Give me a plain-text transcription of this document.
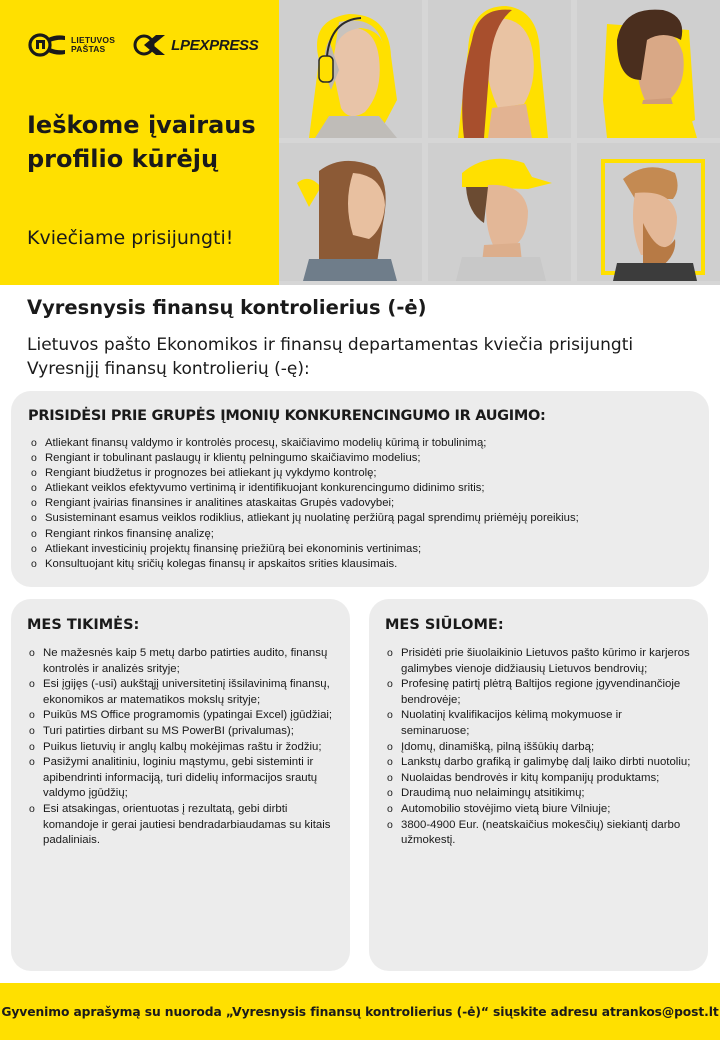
LIETUVOS
PAŠTAS	LPEXPRESS
Ieškome įvairaus profilio kūrėjų
Kviečiame prisijungti!
Vyresnysis finansų kontrolierius (-ė)
Lietuvos pašto Ekonomikos ir finansų departamentas kviečia prisijungti Vyresnįjį finansų kontrolierių (-ę):
PRISIDĖSI PRIE GRUPĖS ĮMONIŲ KONKURENCINGUMO IR AUGIMO:
o Atliekant finansų valdymo ir kontrolės procesų, skaičiavimo modelių kūrimą ir tobulinimą;
o Rengiant ir tobulinant paslaugų ir klientų pelningumo skaičiavimo modelius;
o Rengiant biudžetus ir prognozes bei atliekant jų vykdymo kontrolę;
o Atliekant veiklos efektyvumo vertinimą ir identifikuojant konkurencingumo didinimo sritis;
o Rengiant įvairias finansines ir analitines ataskaitas Grupės vadovybei;
o Susisteminant esamus veiklos rodiklius, atliekant jų nuolatinę peržiūrą pagal sprendimų priėmėjų poreikius;
o Rengiant rinkos finansinę analizę;
o Atliekant investicinių projektų finansinę priežiūrą bei ekonominis vertinimas;
o Konsultuojant kitų sričių kolegas finansų ir apskaitos srities klausimais.
MES TIKIMĖS:
o Ne mažesnės kaip 5 metų darbo patirties audito, finansų kontrolės ir analizės srityje;
o Esi įgijęs (-usi) aukštąjį universitetinį išsilavinimą finansų, ekonomikos ar matematikos mokslų srityje;
o Puikūs MS Office programomis (ypatingai Excel) įgūdžiai;
o Turi patirties dirbant su MS PowerBI (privalumas);
o Puikus lietuvių ir anglų kalbų mokėjimas raštu ir žodžiu;
o Pasižymi analitiniu, loginiu mąstymu, gebi sisteminti ir apibendrinti informaciją, turi didelių informacijos srautų valdymo įgūdžių;
o Esi atsakingas, orientuotas į rezultatą, gebi dirbti komandoje ir gerai jautiesi bendradarbiaudamas su kitais padaliniais.
MES SIŪLOME:
o Prisidėti prie šiuolaikinio Lietuvos pašto kūrimo ir karjeros galimybes vienoje didžiausių Lietuvos bendrovių;
o Profesinę patirtį plėtrą Baltijos regione įgyvendinančioje bendrovėje;
o Nuolatinį kvalifikacijos kėlimą mokymuose ir seminaruose;
o Įdomų, dinamišką, pilną iššūkių darbą;
o Lankstų darbo grafiką ir galimybę dalį laiko dirbti nuotoliu;
o Nuolaidas bendrovės ir kitų kompanijų produktams;
o Draudimą nuo nelaimingų atsitikimų;
o Automobilio stovėjimo vietą biure Vilniuje;
o 3800-4900 Eur. (neatskaičius mokesčių) siekiantį darbo užmokestį.
Gyvenimo aprašymą su nuoroda „Vyresnysis finansų kontrolierius (-ė)“ siųskite adresu atrankos@post.lt
